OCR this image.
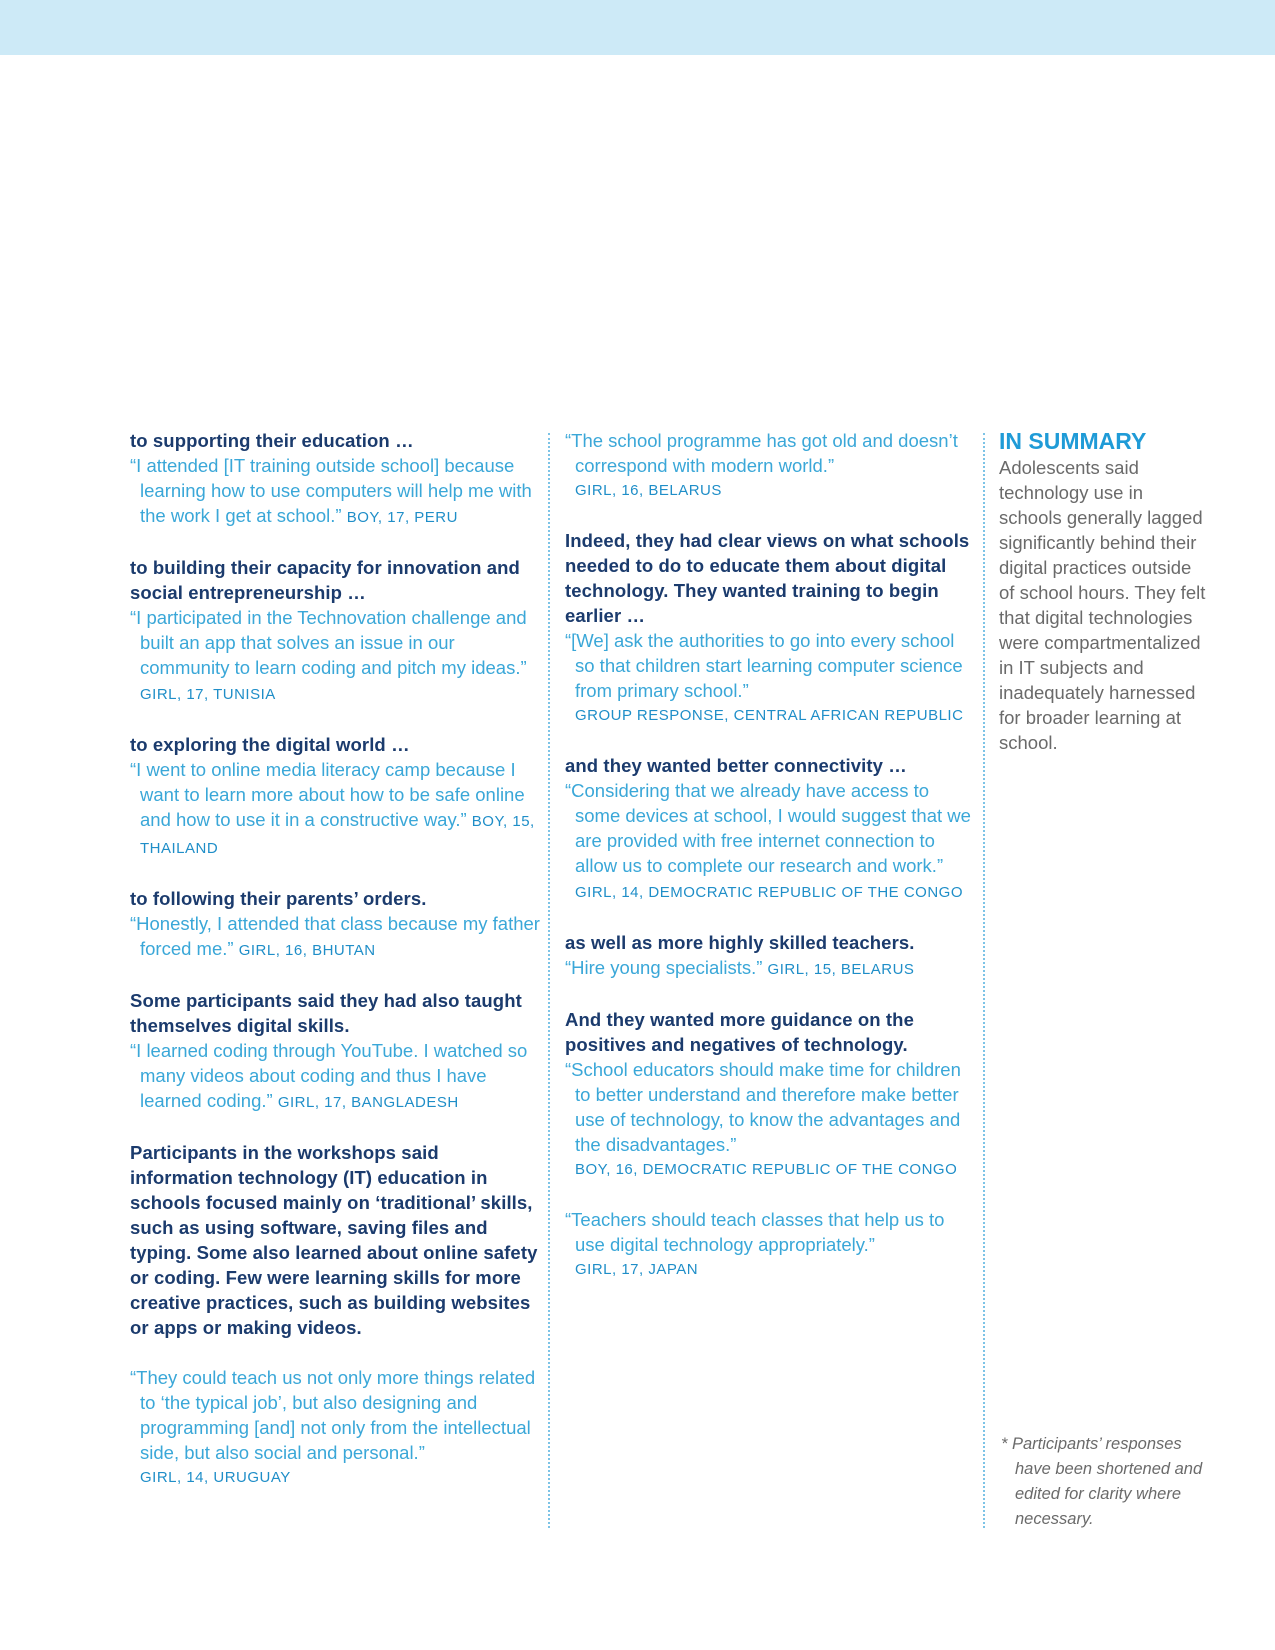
to supporting their education …

“I attended [IT training outside school] because learning how to use computers will help me with the work I get at school.” BOY, 17, PERU

to building their capacity for innovation and social entrepreneurship …

“I participated in the Technovation challenge and built an app that solves an issue in our community to learn coding and pitch my ideas.” GIRL, 17, TUNISIA

to exploring the digital world …

“I went to online media literacy camp because I want to learn more about how to be safe online and how to use it in a constructive way.” BOY, 15, THAILAND

to following their parents’ orders.

“Honestly, I attended that class because my father forced me.” GIRL, 16, BHUTAN

Some participants said they had also taught themselves digital skills.

“I learned coding through YouTube. I watched so many videos about coding and thus I have learned coding.” GIRL, 17, BANGLADESH

Participants in the workshops said information technology (IT) education in schools focused mainly on ‘traditional’ skills, such as using software, saving files and typing. Some also learned about online safety or coding. Few were learning skills for more creative practices, such as building websites or apps or making videos.

“They could teach us not only more things related to ‘the typical job’, but also designing and programming [and] not only from the intellectual side, but also social and personal.”
GIRL, 14, URUGUAY

“The school programme has got old and doesn’t correspond with modern world.”
GIRL, 16, BELARUS

Indeed, they had clear views on what schools needed to do to educate them about digital technology. They wanted training to begin earlier …

“[We] ask the authorities to go into every school so that children start learning computer science from primary school.”
GROUP RESPONSE, CENTRAL AFRICAN REPUBLIC

and they wanted better connectivity …

“Considering that we already have access to some devices at school, I would suggest that we are provided with free internet connection to allow us to complete our research and work.” GIRL, 14, DEMOCRATIC REPUBLIC OF THE CONGO

as well as more highly skilled teachers.

“Hire young specialists.” GIRL, 15, BELARUS

And they wanted more guidance on the positives and negatives of technology.

“School educators should make time for children to better understand and therefore make better use of technology, to know the advantages and the disadvantages.”
BOY, 16, DEMOCRATIC REPUBLIC OF THE CONGO

“Teachers should teach classes that help us to use digital technology appropriately.”
GIRL, 17, JAPAN

IN SUMMARY

Adolescents said technology use in schools generally lagged significantly behind their digital practices outside of school hours. They felt that digital technologies were compartmentalized in IT subjects and inadequately harnessed for broader learning at school.

* Participants’ responses have been shortened and edited for clarity where necessary.
